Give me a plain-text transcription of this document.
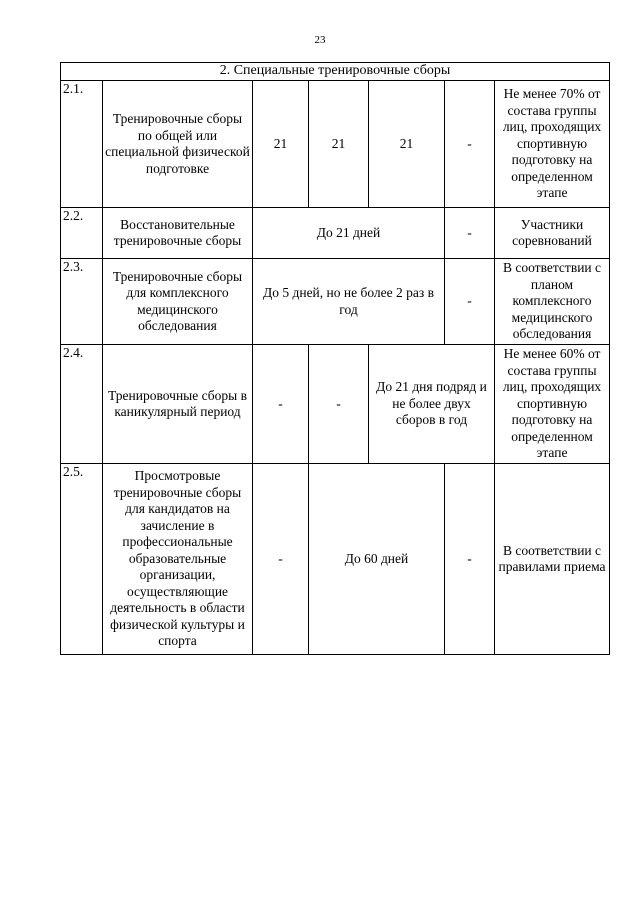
23
2. Специальные тренировочные сборы						
2.1.	Тренировочные сборы по общей или специальной физической подготовке	21	21	21	-	Не менее 70% от состава группы лиц, проходящих спортивную подготовку на определенном этапе
2.2.	Восстановительные тренировочные сборы	До 21 дней			-	Участники соревнований
2.3.	Тренировочные сборы для комплексного медицинского обследования	До 5 дней, но не более 2 раз в год			-	В соответствии с планом комплексного медицинского обследования
2.4.	Тренировочные сборы в каникулярный период	-	-	До 21 дня подряд и не более двух сборов в год		Не менее 60% от состава группы лиц, проходящих спортивную подготовку на определенном этапе
2.5.	Просмотровые тренировочные сборы для кандидатов на зачисление в профессиональные образовательные организации, осуществляющие деятельность в области физической культуры и спорта	-	До 60 дней		-	В соответствии с правилами приема
